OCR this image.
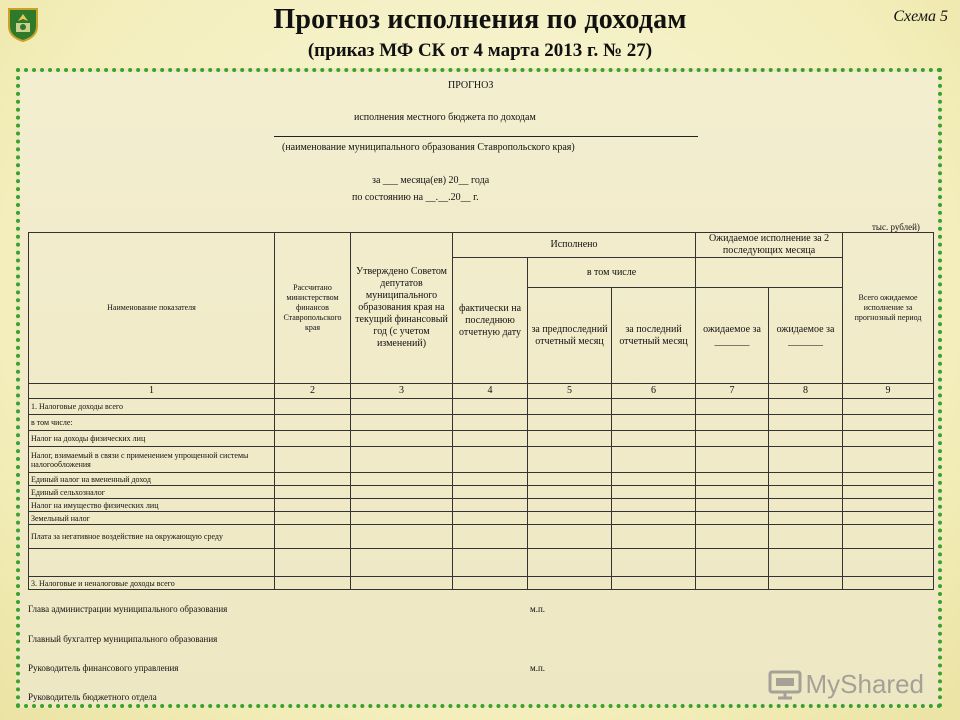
Прогноз исполнения по доходам
(приказ МФ СК от 4 марта 2013 г. № 27)
Схема 5
ПРОГНОЗ
исполнения местного бюджета по доходам
(наименование муниципального образования Ставропольского края)
за ___ месяца(ев) 20__ года
по состоянию на __.__.20__ г.
тыс. рублей)
Наименование показателя	Рассчитано министерством финансов Ставропольского края	Утверждено Советом депутатов муниципального образования края на текущий финансовый год (с учетом изменений)	Исполнено			Ожидаемое исполнение за 2 последующих месяца		Всего ожидаемое исполнение за прогнозный период
			фактически на последнюю отчетную дату	в том числе				
				за предпоследний отчетный месяц	за последний отчетный месяц	ожидаемое за _______	ожидаемое за _______	
1	2	3	4	5	6	7	8	9
1. Налоговые доходы всего								
в том числе:								
Налог на доходы физических лиц								
Налог, взимаемый в связи с применением упрощенной системы налогообложения								
Единый налог на вмененный доход								
Единый сельхозналог								
Налог на имущество физических лиц								
Земельный налог								
Плата за негативное воздействие на окружающую среду								

3. Налоговые и неналоговые доходы всего								
Глава администрации муниципального образования	м.п.
Главный бухгалтер муниципального образования
Руководитель финансового управления	м.п.
Руководитель бюджетного отдела	MyShared
